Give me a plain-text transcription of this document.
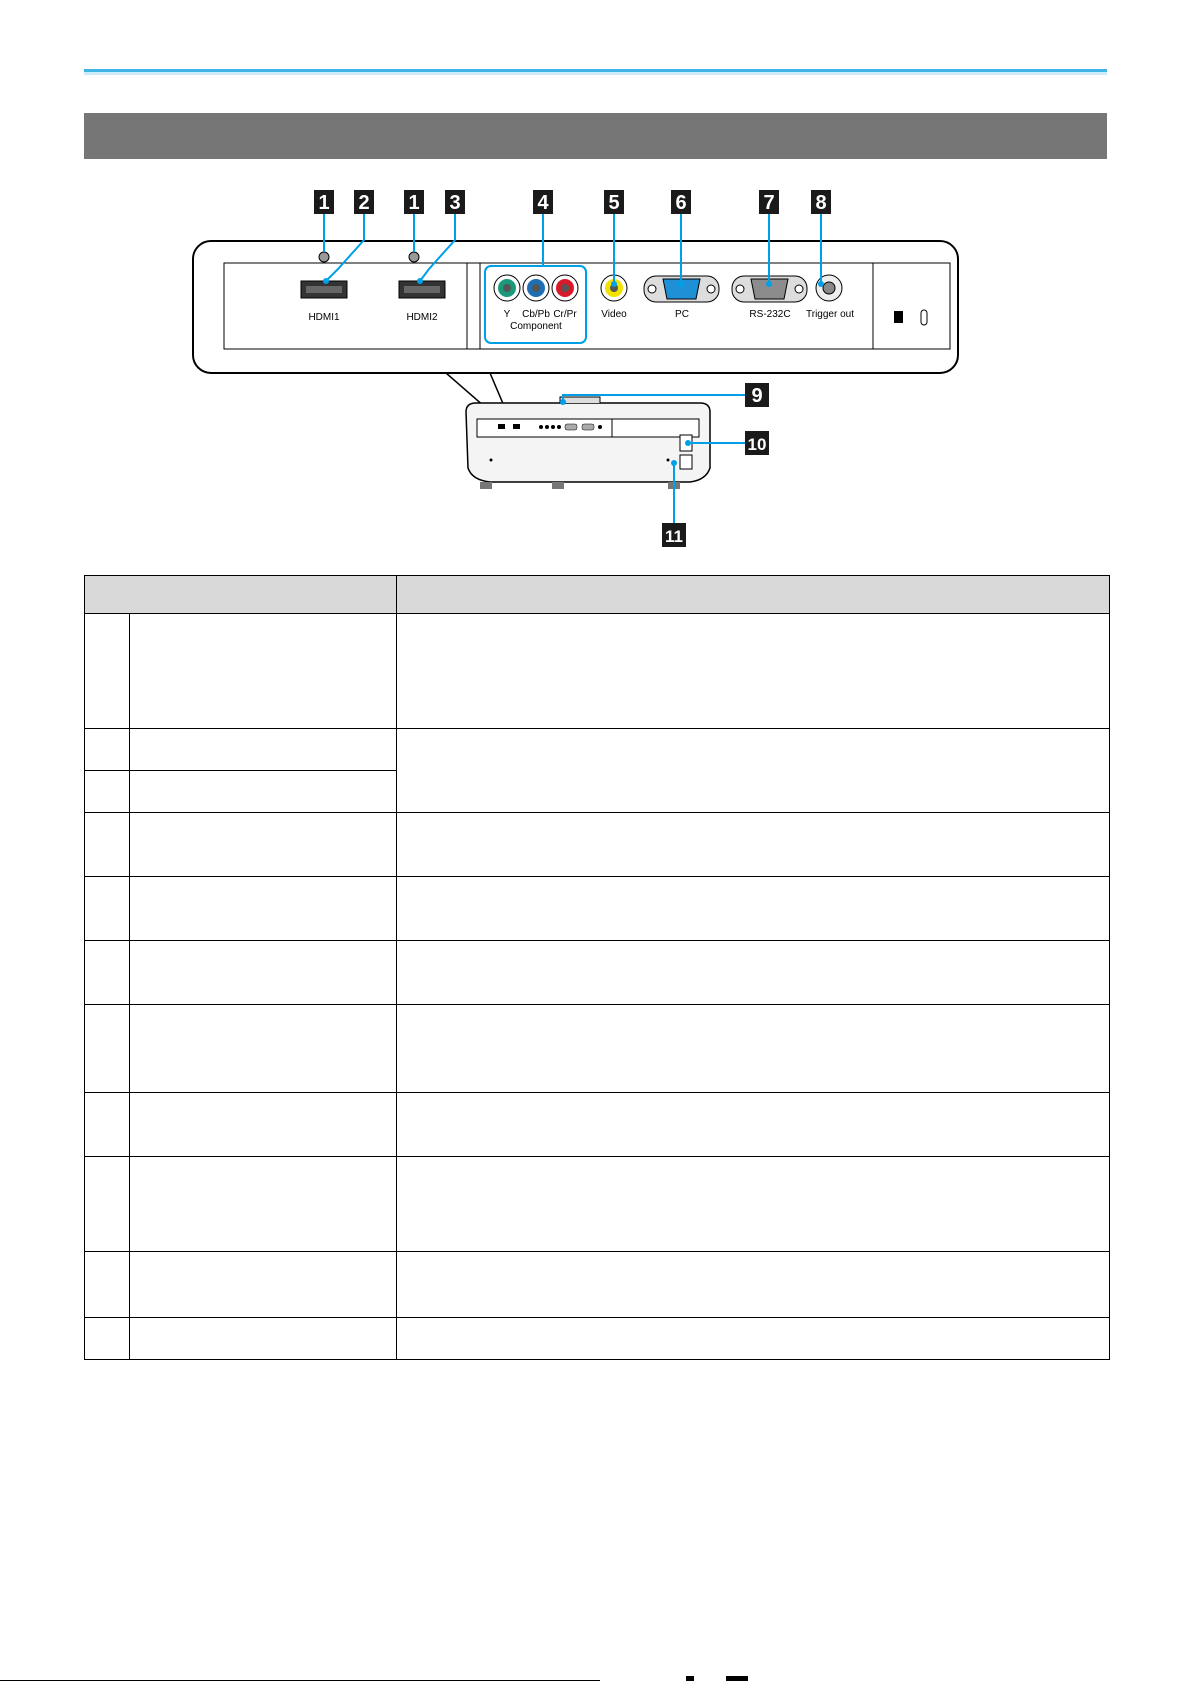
1 2 1 3	4	5	6	7 8
9
10
11
HDMI1	HDMI2	Y Cb/Pb Cr/Pr
Component
Video	PC	RS-232C Trigger out
